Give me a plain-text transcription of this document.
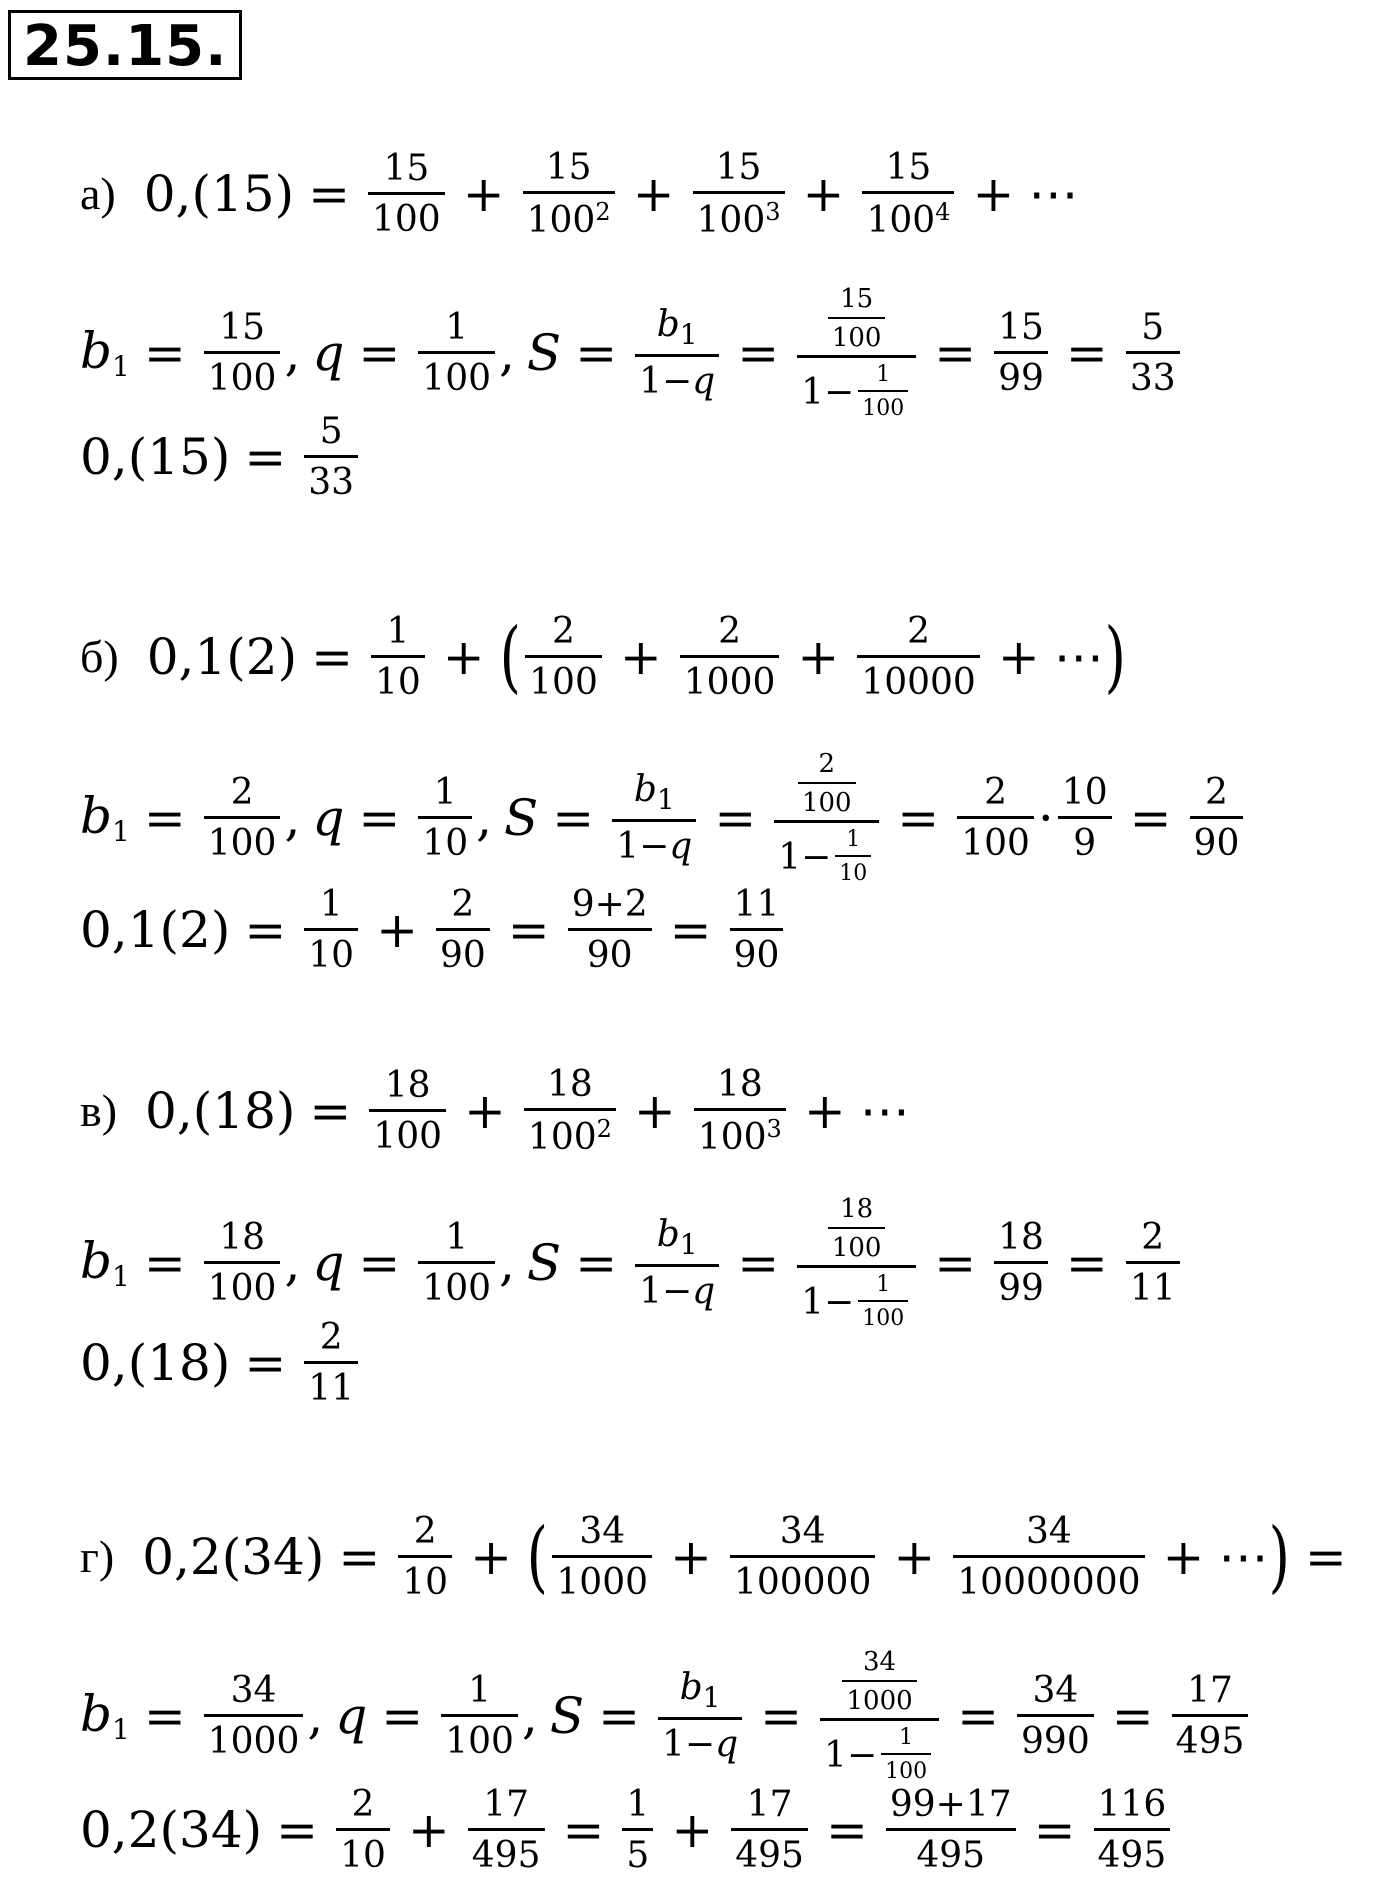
25.15.
а) $0,(15) = \frac{15}{100} + \frac{15}{100^2} + \frac{15}{100^3} + \frac{15}{100^4}$ + ⋯
$b_1 = \frac{15}{100}$ , $q = \frac{1}{100}$ , $S = \frac{b_1}{1-q} = \frac{\frac{15}{100}}{1 - \frac{1}{100}} = \frac{15}{99} = \frac{5}{33}$
$0,(15) = \frac{5}{33}$
б) $0,1(2) = \frac{1}{10}$ + ( $\frac{2}{100} + \frac{2}{1000} + \frac{2}{10000}$ + ⋯ )
$b_1 = \frac{2}{100}$ , $q = \frac{1}{10}$ , $S = \frac{b_1}{1-q} = \frac{\frac{2}{100}}{1 - \frac{1}{10}} = \frac{2}{100} \cdot \frac{10}{9} = \frac{2}{90}$
$0,1(2) = \frac{1}{10} + \frac{2}{90} = \frac{9+2}{90} = \frac{11}{90}$
в) $0,(18) = \frac{18}{100} + \frac{18}{100^2} + \frac{18}{100^3}$ + ⋯
$b_1 = \frac{18}{100}$ , $q = \frac{1}{100}$ , $S = \frac{b_1}{1-q} = \frac{\frac{18}{100}}{1 - \frac{1}{100}} = \frac{18}{99} = \frac{2}{11}$
$0,(18) = \frac{2}{11}$
г) $0,2(34) = \frac{2}{10}$ + ( $\frac{34}{1000} + \frac{34}{100000} + \frac{34}{10000000}$ + ⋯ ) =
$b_1 = \frac{34}{1000}$ , $q = \frac{1}{100}$ , $S = \frac{b_1}{1-q} = \frac{\frac{34}{1000}}{1 - \frac{1}{100}} = \frac{34}{990} = \frac{17}{495}$
$0,2(34) = \frac{2}{10} + \frac{17}{495} = \frac{1}{5} + \frac{17}{495} = \frac{99+17}{495} = \frac{116}{495}$
